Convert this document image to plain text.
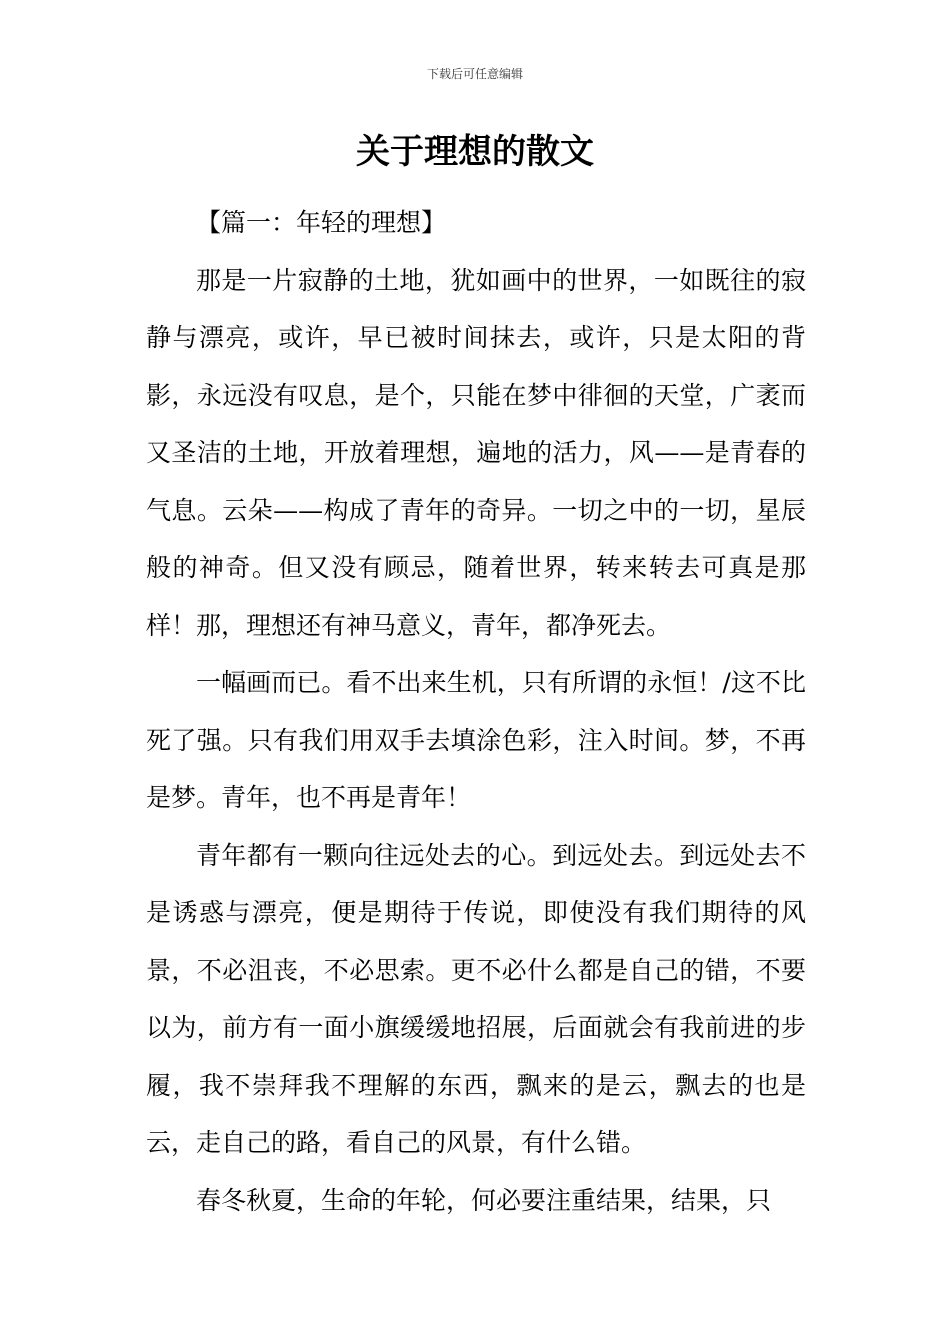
下载后可任意编辑
关于理想的散文
【篇一：年轻的理想】

那是一片寂静的土地，犹如画中的世界，一如既往的寂静与漂亮，或许，早已被时间抹去，或许，只是太阳的背影，永远没有叹息，是个，只能在梦中徘徊的天堂，广袤而又圣洁的土地，开放着理想，遍地的活力，风——是青春的气息。云朵——构成了青年的奇异。一切之中的一切，星辰般的神奇。但又没有顾忌，随着世界，转来转去可真是那样！那，理想还有神马意义，青年，都净死去。

一幅画而已。看不出来生机，只有所谓的永恒！/这不比死了强。只有我们用双手去填涂色彩，注入时间。梦，不再是梦。青年，也不再是青年！

青年都有一颗向往远处去的心。到远处去。到远处去不是诱惑与漂亮，便是期待于传说，即使没有我们期待的风景，不必沮丧，不必思索。更不必什么都是自己的错，不要以为，前方有一面小旗缓缓地招展，后面就会有我前进的步履，我不崇拜我不理解的东西，飘来的是云，飘去的也是云，走自己的路，看自己的风景，有什么错。

春冬秋夏，生命的年轮，何必要注重结果，结果，只
